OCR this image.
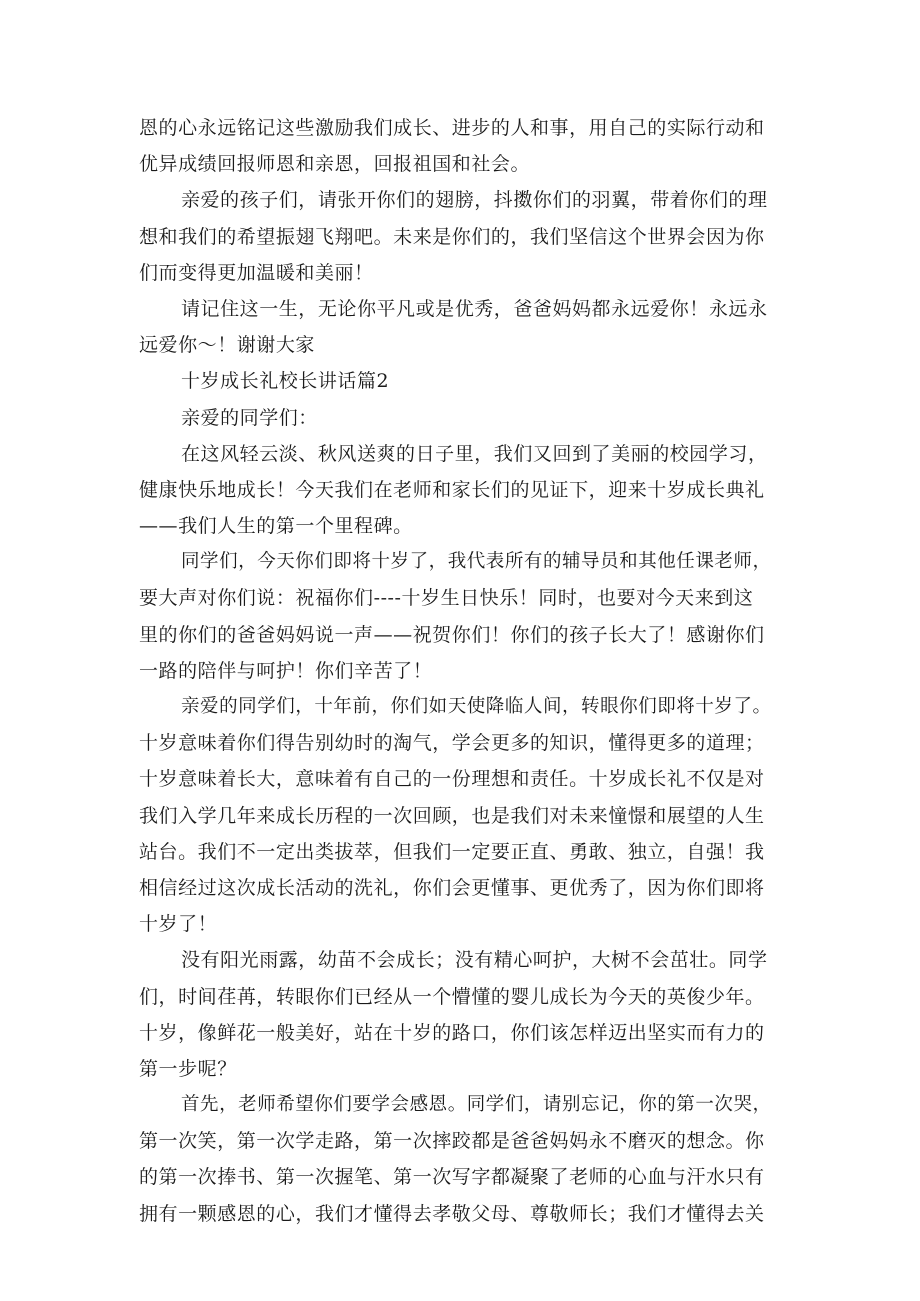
恩的心永远铭记这些激励我们成长、进步的人和事，用自己的实际行动和
优异成绩回报师恩和亲恩，回报祖国和社会。
亲爱的孩子们，请张开你们的翅膀，抖擞你们的羽翼，带着你们的理
想和我们的希望振翅飞翔吧。未来是你们的，我们坚信这个世界会因为你
们而变得更加温暖和美丽！
请记住这一生，无论你平凡或是优秀，爸爸妈妈都永远爱你！永远永
远爱你～！谢谢大家
十岁成长礼校长讲话篇2
亲爱的同学们：
在这风轻云淡、秋风送爽的日子里，我们又回到了美丽的校园学习，
健康快乐地成长！今天我们在老师和家长们的见证下，迎来十岁成长典礼
——我们人生的第一个里程碑。
同学们，今天你们即将十岁了，我代表所有的辅导员和其他任课老师，
要大声对你们说：祝福你们----十岁生日快乐！同时，也要对今天来到这
里的你们的爸爸妈妈说一声——祝贺你们！你们的孩子长大了！感谢你们
一路的陪伴与呵护！你们辛苦了！
亲爱的同学们，十年前，你们如天使降临人间，转眼你们即将十岁了。
十岁意味着你们得告别幼时的淘气，学会更多的知识，懂得更多的道理；
十岁意味着长大，意味着有自己的一份理想和责任。十岁成长礼不仅是对
我们入学几年来成长历程的一次回顾，也是我们对未来憧憬和展望的人生
站台。我们不一定出类拔萃，但我们一定要正直、勇敢、独立，自强！我
相信经过这次成长活动的洗礼，你们会更懂事、更优秀了，因为你们即将
十岁了！
没有阳光雨露，幼苗不会成长；没有精心呵护，大树不会茁壮。同学
们，时间荏苒，转眼你们已经从一个懵懂的婴儿成长为今天的英俊少年。
十岁，像鲜花一般美好，站在十岁的路口，你们该怎样迈出坚实而有力的
第一步呢？
首先，老师希望你们要学会感恩。同学们，请别忘记，你的第一次哭，
第一次笑，第一次学走路，第一次摔跤都是爸爸妈妈永不磨灭的想念。你
的第一次捧书、第一次握笔、第一次写字都凝聚了老师的心血与汗水只有
拥有一颗感恩的心，我们才懂得去孝敬父母、尊敬师长；我们才懂得去关
